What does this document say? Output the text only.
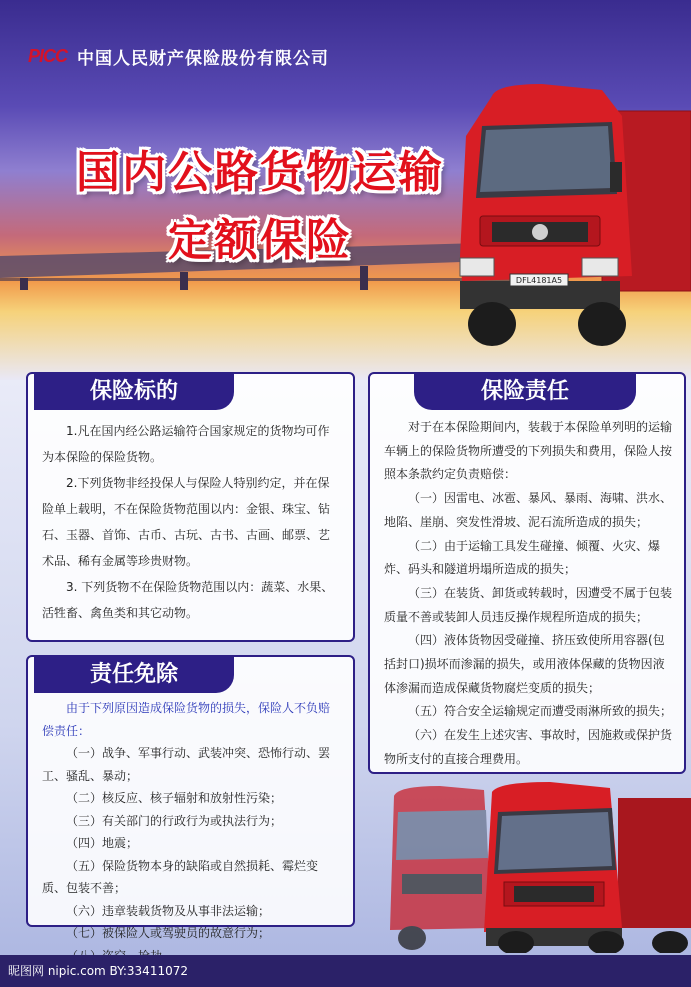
PICC 中国人民财产保险股份有限公司
国内公路货物运输
定额保险
DFL4181A5
保险标的

1.凡在国内经公路运输符合国家规定的货物均可作为本保险的保险货物。

2.下列货物非经投保人与保险人特别约定，并在保险单上载明，不在保险货物范围以内：金银、珠宝、钻石、玉器、首饰、古币、古玩、古书、古画、邮票、艺术品、稀有金属等珍贵财物。

3. 下列货物不在保险货物范围以内：蔬菜、水果、活牲畜、禽鱼类和其它动物。

责任免除

由于下列原因造成保险货物的损失，保险人不负赔偿责任：

（一）战争、军事行动、武装冲突、恐怖行动、罢工、骚乱、暴动；

（二）核反应、核子辐射和放射性污染；

（三）有关部门的行政行为或执法行为；

（四）地震；

（五）保险货物本身的缺陷或自然损耗、霉烂变质、包装不善；

（六）违章装载货物及从事非法运输；

（七）被保险人或驾驶员的故意行为；

保险责任

对于在本保险期间内，装载于本保险单列明的运输车辆上的保险货物所遭受的下列损失和费用，保险人按照本条款约定负责赔偿：

（一）因雷电、冰雹、暴风、暴雨、海啸、洪水、地陷、崖崩、突发性滑坡、泥石流所造成的损失；

（二）由于运输工具发生碰撞、倾覆、火灾、爆炸、码头和隧道坍塌所造成的损失；

（三）在装货、卸货或转载时，因遭受不属于包装质量不善或装卸人员违反操作规程所造成的损失；

（四）液体货物因受碰撞、挤压致使所用容器(包括封口)损坏而渗漏的损失，或用液体保藏的货物因液体渗漏而造成保藏货物腐烂变质的损失；

（五）符合安全运输规定而遭受雨淋所致的损失；

（六）在发生上述灾害、事故时，因施救或保护货物所支付的直接合理费用。

昵图网 nipic.com BY:33411072
